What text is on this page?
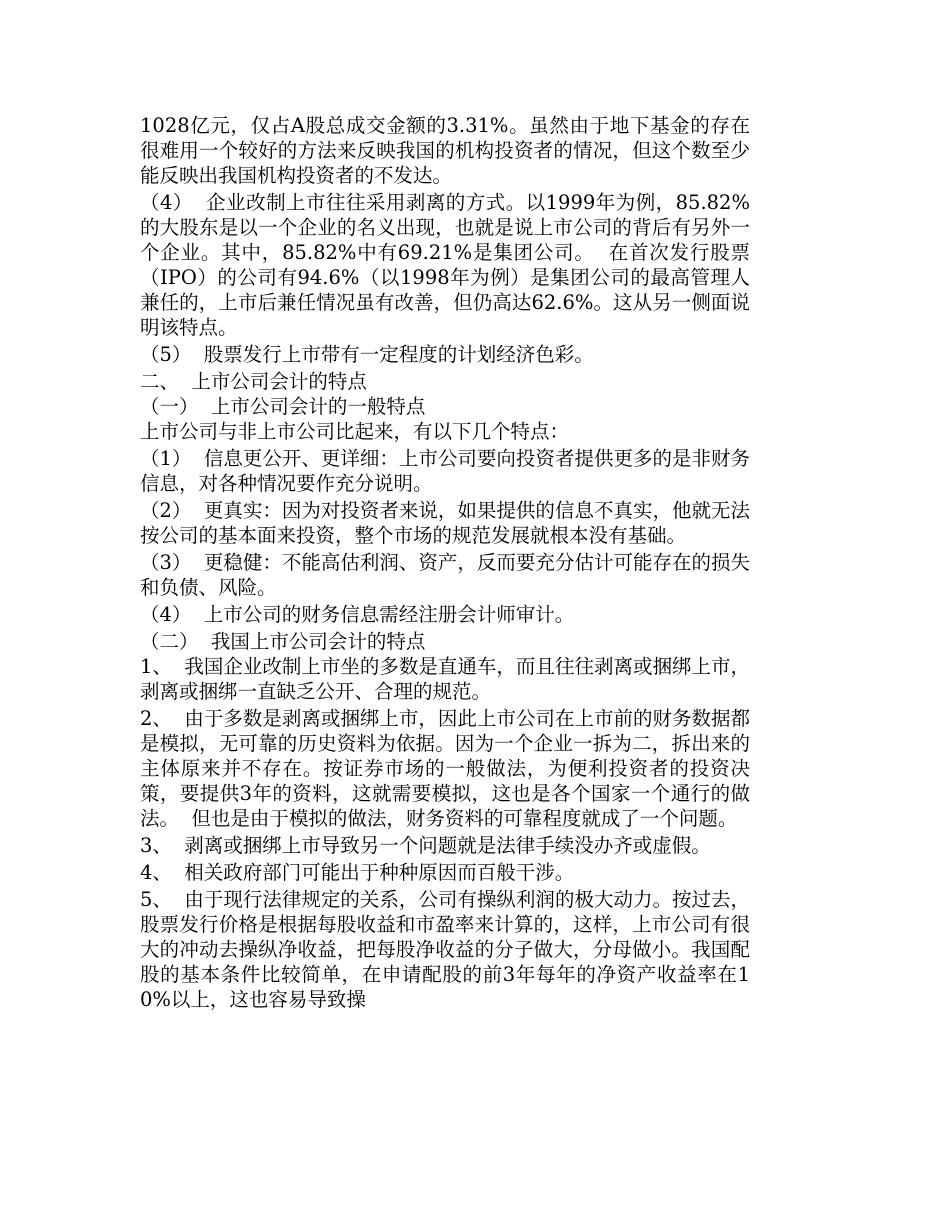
1028亿元，仅占A股总成交金额的3.31%。虽然由于地下基金的存在很难用一个较好的方法来反映我国的机构投资者的情况，但这个数至少能反映出我国机构投资者的不发达。

（4）  企业改制上市往往采用剥离的方式。以1999年为例，85.82%的大股东是以一个企业的名义出现，也就是说上市公司的背后有另外一个企业。其中，85.82%中有69.21%是集团公司。  在首次发行股票（IPO）的公司有94.6%（以1998年为例）是集团公司的最高管理人兼任的，上市后兼任情况虽有改善，但仍高达62.6%。这从另一侧面说明该特点。

（5）  股票发行上市带有一定程度的计划经济色彩。

二、  上市公司会计的特点

（一）  上市公司会计的一般特点

上市公司与非上市公司比起来，有以下几个特点：

（1）  信息更公开、更详细：上市公司要向投资者提供更多的是非财务信息，对各种情况要作充分说明。

（2）  更真实：因为对投资者来说，如果提供的信息不真实，他就无法按公司的基本面来投资，整个市场的规范发展就根本没有基础。

（3）  更稳健：不能高估利润、资产，反而要充分估计可能存在的损失和负债、风险。

（4）  上市公司的财务信息需经注册会计师审计。

（二）  我国上市公司会计的特点

1、  我国企业改制上市坐的多数是直通车，而且往往剥离或捆绑上市，剥离或捆绑一直缺乏公开、合理的规范。

2、  由于多数是剥离或捆绑上市，因此上市公司在上市前的财务数据都是模拟，无可靠的历史资料为依据。因为一个企业一拆为二，拆出来的主体原来并不存在。按证券市场的一般做法，为便利投资者的投资决策，要提供3年的资料，这就需要模拟，这也是各个国家一个通行的做法。  但也是由于模拟的做法，财务资料的可靠程度就成了一个问题。

3、  剥离或捆绑上市导致另一个问题就是法律手续没办齐或虚假。

4、  相关政府部门可能出于种种原因而百般干涉。

5、  由于现行法律规定的关系，公司有操纵利润的极大动力。按过去，股票发行价格是根据每股收益和市盈率来计算的，这样，上市公司有很大的冲动去操纵净收益，把每股净收益的分子做大，分母做小。我国配股的基本条件比较简单，在申请配股的前3年每年的净资产收益率在10%以上，这也容易导致操
